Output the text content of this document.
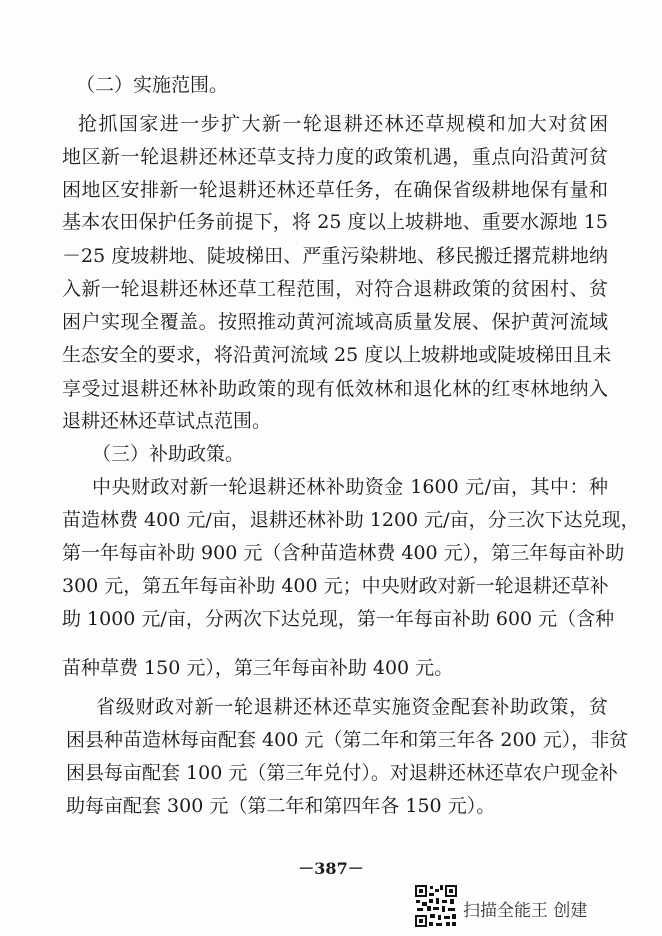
（二）实施范围。
抢抓国家进一步扩大新一轮退耕还林还草规模和加大对贫困
地区新一轮退耕还林还草支持力度的政策机遇，重点向沿黄河贫
困地区安排新一轮退耕还林还草任务，在确保省级耕地保有量和
基本农田保护任务前提下，将 25 度以上坡耕地、重要水源地 15
－25 度坡耕地、陡坡梯田、严重污染耕地、移民搬迁撂荒耕地纳
入新一轮退耕还林还草工程范围，对符合退耕政策的贫困村、贫
困户实现全覆盖。按照推动黄河流域高质量发展、保护黄河流域
生态安全的要求，将沿黄河流域 25 度以上坡耕地或陡坡梯田且未
享受过退耕还林补助政策的现有低效林和退化林的红枣林地纳入
退耕还林还草试点范围。
（三）补助政策。
中央财政对新一轮退耕还林补助资金 1600 元/亩，其中：种
苗造林费 400 元/亩，退耕还林补助 1200 元/亩，分三次下达兑现，
第一年每亩补助 900 元（含种苗造林费 400 元），第三年每亩补助
300 元，第五年每亩补助 400 元；中央财政对新一轮退耕还草补
助 1000 元/亩，分两次下达兑现，第一年每亩补助 600 元（含种
苗种草费 150 元），第三年每亩补助 400 元。
省级财政对新一轮退耕还林还草实施资金配套补助政策，贫
困县种苗造林每亩配套 400 元（第二年和第三年各 200 元），非贫
困县每亩配套 100 元（第三年兑付）。对退耕还林还草农户现金补
助每亩配套 300 元（第二年和第四年各 150 元）。
－387－
扫描全能王 创建
